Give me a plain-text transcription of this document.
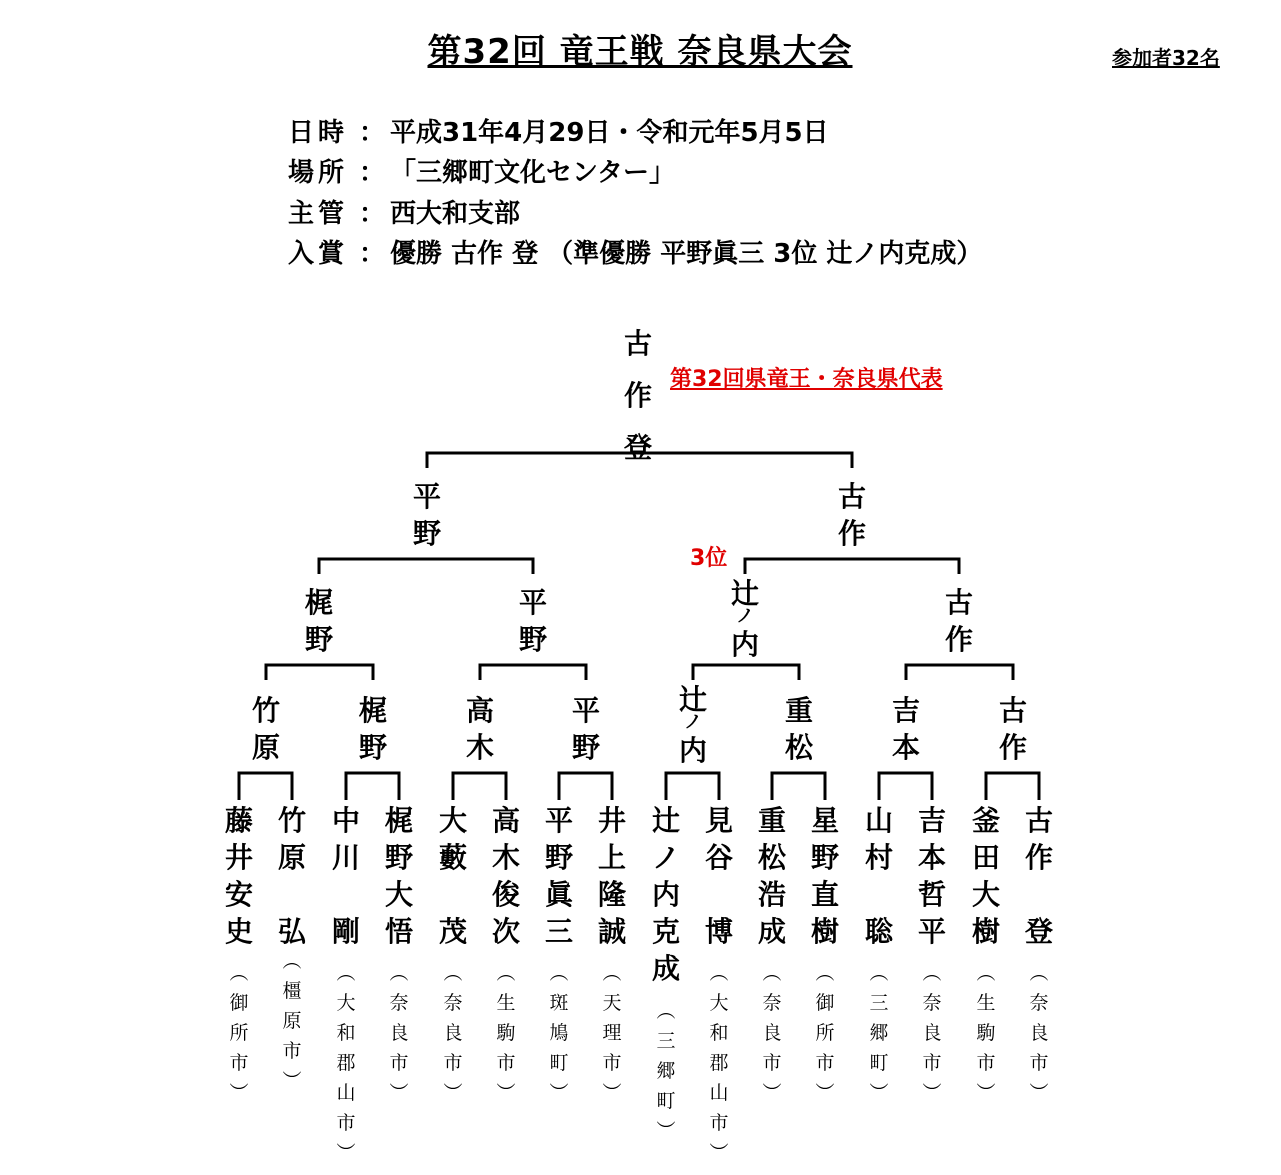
第32回 竜王戦 奈良県大会	参加者32名
日時 ： 平成31年4月29日・令和元年5月5日
場所 ： 「三郷町文化センター」
主管 ： 西大和支部
入賞 ： 優勝 古作 登 （準優勝 平野眞三 3位 辻ノ内克成）
古
作
登
第32回県竜王・奈良県代表
3位
平
野
古
作
梶
野
平
野
辻
ノ
内
古
作
竹
原
梶
野
高
木
平
野
辻
ノ
内
重
松
吉
本
古
作
藤
井
安
史
竹
原

弘
中
川

剛
梶
野
大
悟
大
藪

茂
高
木
俊
次
平
野
眞
三
井
上
隆
誠
辻
ノ
内
克
成
見
谷

博
重
松
浩
成
星
野
直
樹
山
村

聡
吉
本
哲
平
釜
田
大
樹
古
作

登
︵
御
所
市
︶
︵
橿
原
市
︶
︵
大
和
郡
山
市
︶
︵
奈
良
市
︶
︵
奈
良
市
︶
︵
生
駒
市
︶
︵
斑
鳩
町
︶
︵
天
理
市
︶
︵
三
郷
町
︶
︵
大
和
郡
山
市
︶
︵
奈
良
市
︶
︵
御
所
市
︶
︵
三
郷
町
︶
︵
奈
良
市
︶
︵
生
駒
市
︶
︵
奈
良
市
︶
